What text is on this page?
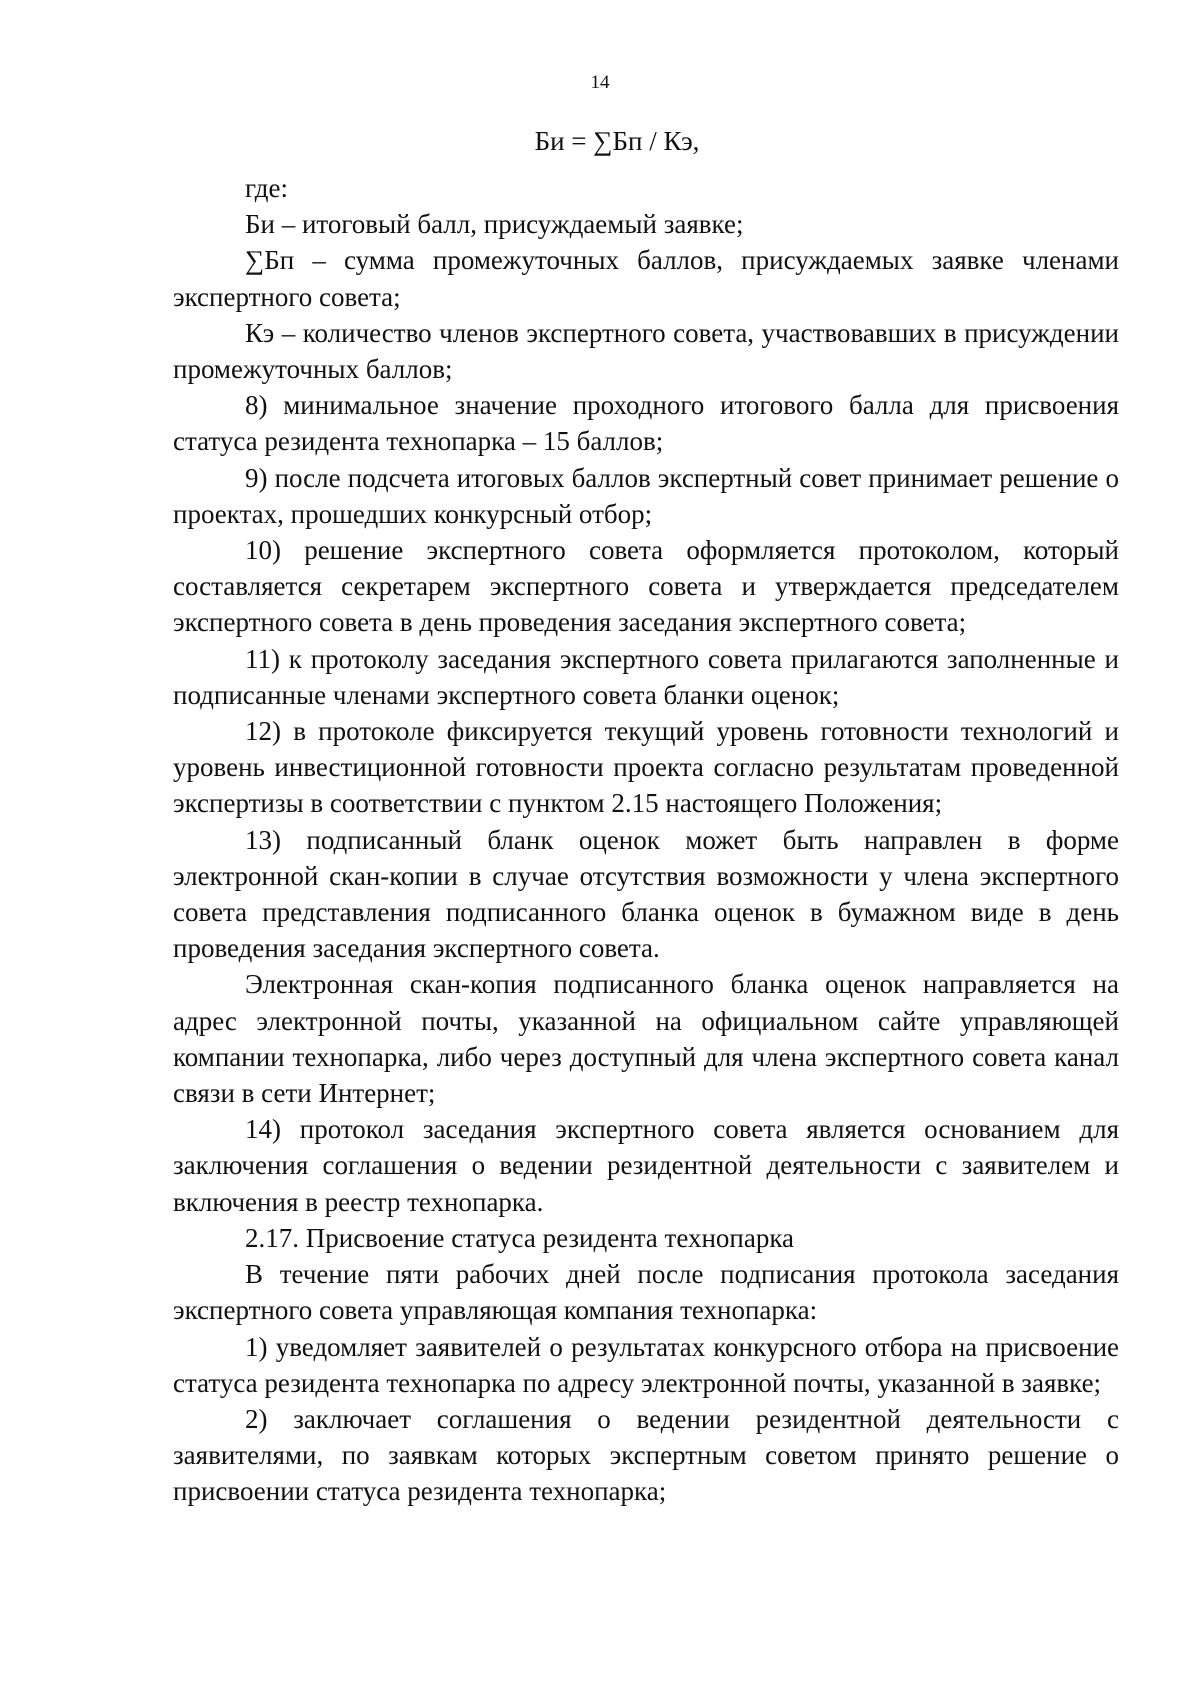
14
Би = ∑Бп / Кэ,

где:

Би – итоговый балл, присуждаемый заявке;

∑Бп – сумма промежуточных баллов, присуждаемых заявке членами экспертного совета;

Кэ – количество членов экспертного совета, участвовавших в присуждении промежуточных баллов;

8) минимальное значение проходного итогового балла для присвоения статуса резидента технопарка – 15 баллов;

9) после подсчета итоговых баллов экспертный совет принимает решение о проектах, прошедших конкурсный отбор;

10) решение экспертного совета оформляется протоколом, который составляется секретарем экспертного совета и утверждается председателем экспертного совета в день проведения заседания экспертного совета;

11) к протоколу заседания экспертного совета прилагаются заполненные и подписанные членами экспертного совета бланки оценок;

12) в протоколе фиксируется текущий уровень готовности технологий и уровень инвестиционной готовности проекта согласно результатам проведенной экспертизы в соответствии с пунктом 2.15 настоящего Положения;

13) подписанный бланк оценок может быть направлен в форме электронной скан-копии в случае отсутствия возможности у члена экспертного совета представления подписанного бланка оценок в бумажном виде в день проведения заседания экспертного совета.

Электронная скан-копия подписанного бланка оценок направляется на адрес электронной почты, указанной на официальном сайте управляющей компании технопарка, либо через доступный для члена экспертного совета канал связи в сети Интернет;

14) протокол заседания экспертного совета является основанием для заключения соглашения о ведении резидентной деятельности с заявителем и включения в реестр технопарка.

2.17. Присвоение статуса резидента технопарка

В течение пяти рабочих дней после подписания протокола заседания экспертного совета управляющая компания технопарка:

1) уведомляет заявителей о результатах конкурсного отбора на присвоение статуса резидента технопарка по адресу электронной почты, указанной в заявке;

2) заключает соглашения о ведении резидентной деятельности с заявителями, по заявкам которых экспертным советом принято решение о присвоении статуса резидента технопарка;
